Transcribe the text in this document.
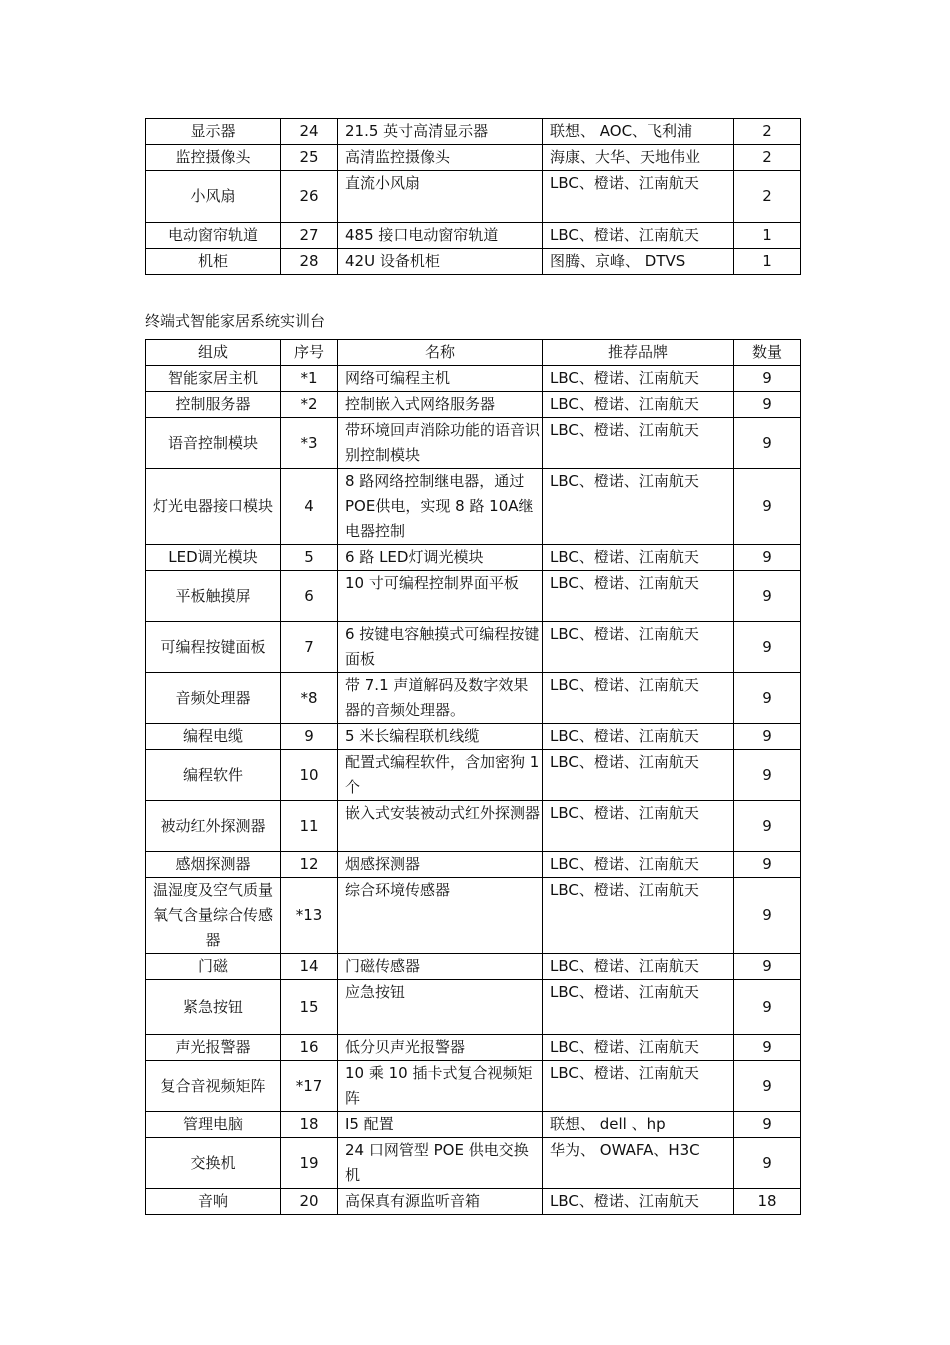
显示器	24	21.5 英寸高清显示器	联想、 AOC、飞利浦	2
监控摄像头	25	高清监控摄像头	海康、大华、天地伟业	2
小风扇	26	直流小风扇	LBC、橙诺、江南航天	2
电动窗帘轨道	27	485 接口电动窗帘轨道	LBC、橙诺、江南航天	1
机柜	28	42U 设备机柜	图腾、京峰、 DTVS	1
终端式智能家居系统实训台
组成	序号	名称	推荐品牌	数量
智能家居主机	*1	网络可编程主机	LBC、橙诺、江南航天	9
控制服务器	*2	控制嵌入式网络服务器	LBC、橙诺、江南航天	9
语音控制模块	*3	带环境回声消除功能的语音识别控制模块	LBC、橙诺、江南航天	9
灯光电器接口模块	4	8 路网络控制继电器，通过 POE供电，实现 8 路 10A继电器控制	LBC、橙诺、江南航天	9
LED调光模块	5	6 路 LED灯调光模块	LBC、橙诺、江南航天	9
平板触摸屏	6	10 寸可编程控制界面平板	LBC、橙诺、江南航天	9
可编程按键面板	7	6 按键电容触摸式可编程按键面板	LBC、橙诺、江南航天	9
音频处理器	*8	带 7.1 声道解码及数字效果器的音频处理器。	LBC、橙诺、江南航天	9
编程电缆	9	5 米长编程联机线缆	LBC、橙诺、江南航天	9
编程软件	10	配置式编程软件，含加密狗 1 个	LBC、橙诺、江南航天	9
被动红外探测器	11	嵌入式安装被动式红外探测器	LBC、橙诺、江南航天	9
感烟探测器	12	烟感探测器	LBC、橙诺、江南航天	9
温湿度及空气质量氧气含量综合传感器	*13	综合环境传感器	LBC、橙诺、江南航天	9
门磁	14	门磁传感器	LBC、橙诺、江南航天	9
紧急按钮	15	应急按钮	LBC、橙诺、江南航天	9
声光报警器	16	低分贝声光报警器	LBC、橙诺、江南航天	9
复合音视频矩阵	*17	10 乘 10 插卡式复合视频矩阵	LBC、橙诺、江南航天	9
管理电脑	18	I5 配置	联想、 dell 、hp	9
交换机	19	24 口网管型 POE 供电交换机	华为、 OWAFA、H3C	9
音响	20	高保真有源监听音箱	LBC、橙诺、江南航天	18
